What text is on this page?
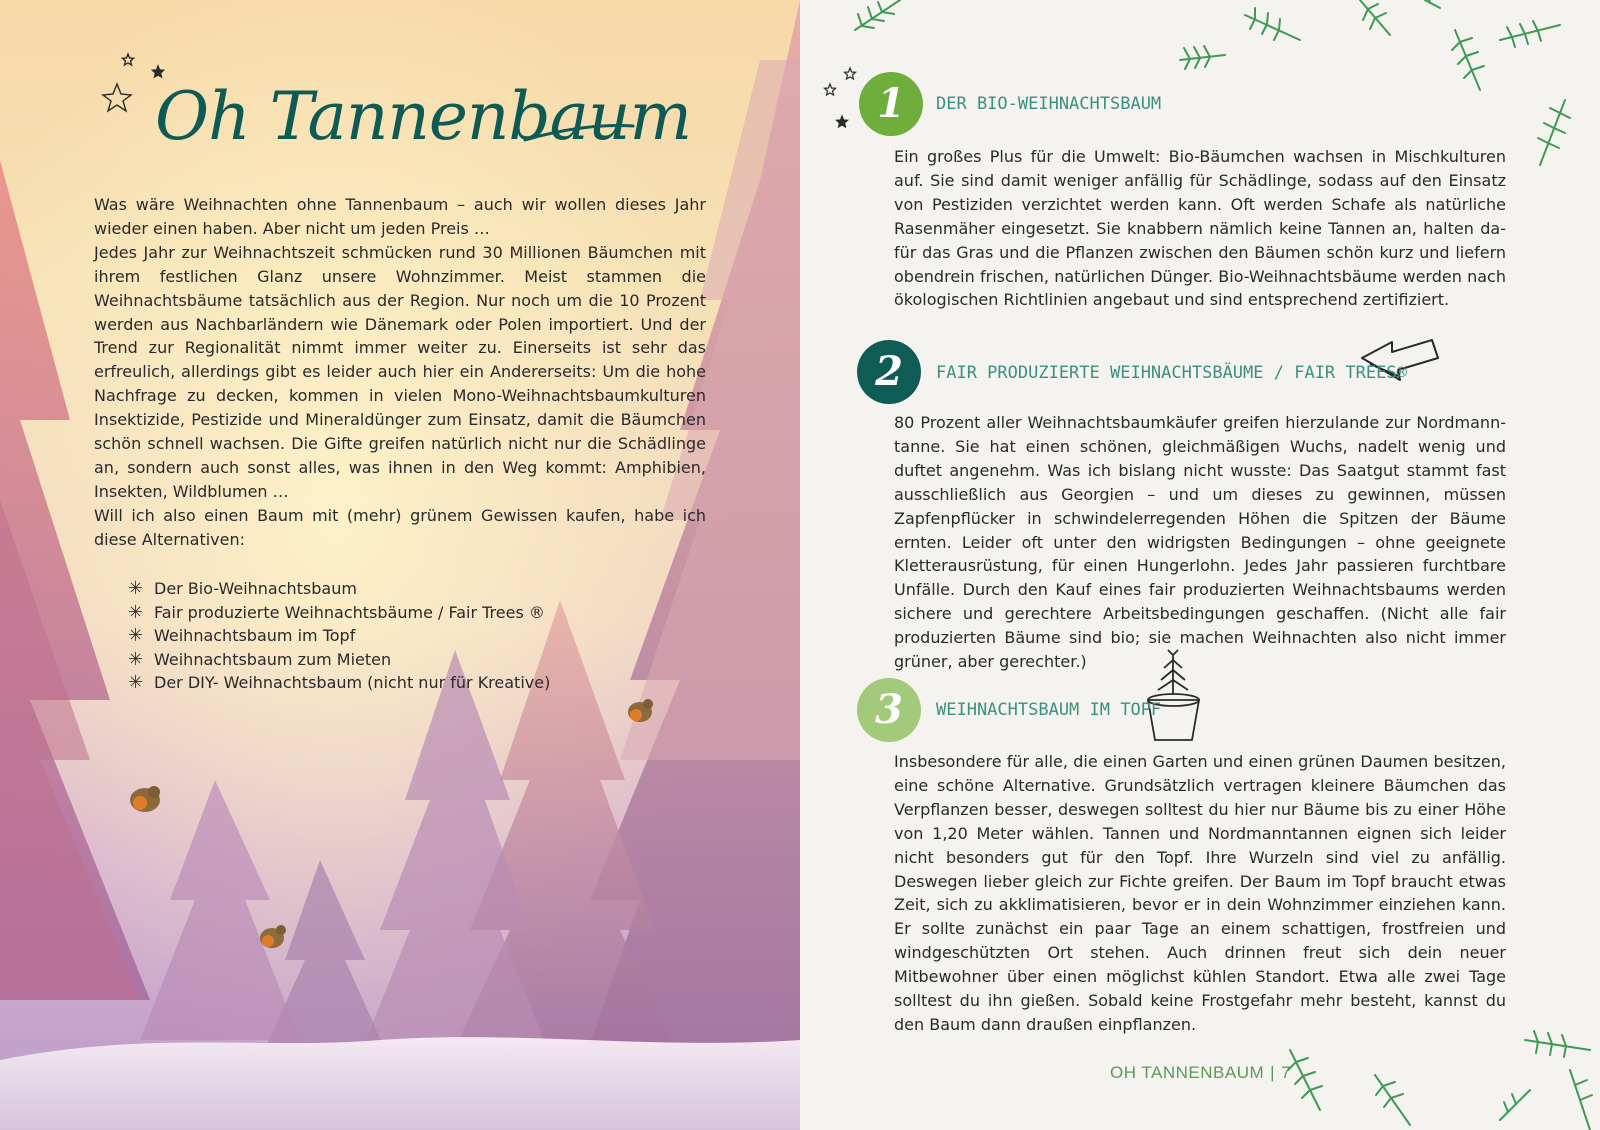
Oh Tannenbaum

Was wäre Weihnachten ohne Tannenbaum – auch wir wollen dieses Jahr wieder einen haben. Aber nicht um jeden Preis …

Jedes Jahr zur Weihnachtszeit schmücken rund 30 Millionen Bäumchen mit ihrem festlichen Glanz unsere Wohnzimmer. Meist stammen die Weihnachtsbäume tatsächlich aus der Region. Nur noch um die 10 Prozent werden aus Nachbarländern wie Dänemark oder Polen importiert. Und der Trend zur Regionalität nimmt immer weiter zu. Einerseits ist sehr das erfreulich, allerdings gibt es leider auch hier ein Andererseits: Um die hohe Nachfrage zu decken, kommen in vielen Mono-Weihnachtsbaumkulturen Insektizide, Pestizide und Mineraldünger zum Einsatz, damit die Bäumchen schön schnell wachsen. Die Gifte greifen natürlich nicht nur die Schädlinge an, sondern auch sonst alles, was ihnen in den Weg kommt: Amphibien, Insekten, Wildblumen …

Will ich also einen Baum mit (mehr) grünem Gewissen kaufen, habe ich diese Alternativen:

✳ Der Bio-Weihnachtsbaum
✳ Fair produzierte Weihnachtsbäume / Fair Trees ®
✳ Weihnachtsbaum im Topf
✳ Weihnachtsbaum zum Mieten
✳ Der DIY- Weihnachtsbaum (nicht nur für Kreative)
1	DER BIO-WEIHNACHTSBAUM

Ein großes Plus für die Umwelt: Bio-Bäumchen wachsen in Mischkulturen auf. Sie sind damit weniger anfällig für Schädlinge, sodass auf den Einsatz von Pestiziden verzichtet werden kann. Oft werden Schafe als natürliche Rasenmäher eingesetzt. Sie knabbern nämlich keine Tannen an, halten dafür das Gras und die Pflanzen zwischen den Bäumen schön kurz und liefern obendrein frischen, natürlichen Dünger. Bio-Weihnachtsbäume werden nach ökologischen Richtlinien angebaut und sind entsprechend zertifiziert.

2	FAIR PRODUZIERTE WEIHNACHTSBÄUME / FAIR TREES®

80 Prozent aller Weihnachtsbaumkäufer greifen hierzulande zur Nordmanntanne. Sie hat einen schönen, gleichmäßigen Wuchs, nadelt wenig und duftet angenehm. Was ich bislang nicht wusste: Das Saatgut stammt fast ausschließlich aus Georgien – und um dieses zu gewinnen, müssen Zapfenpflücker in schwindelerregenden Höhen die Spitzen der Bäume ernten. Leider oft unter den widrigsten Bedingungen – ohne geeignete Kletterausrüstung, für einen Hungerlohn. Jedes Jahr passieren furchtbare Unfälle. Durch den Kauf eines fair produzierten Weihnachtsbaums werden sichere und gerechtere Arbeitsbedingungen geschaffen. (Nicht alle fair produzierten Bäume sind bio; sie machen Weihnachten also nicht immer grüner, aber gerechter.)

3	WEIHNACHTSBAUM IM TOPF

Insbesondere für alle, die einen Garten und einen grünen Daumen besitzen, eine schöne Alternative. Grundsätzlich vertragen kleinere Bäumchen das Verpflanzen besser, deswegen solltest du hier nur Bäume bis zu einer Höhe von 1,20 Meter wählen. Tannen und Nordmanntannen eignen sich leider nicht besonders gut für den Topf. Ihre Wurzeln sind viel zu anfällig. Deswegen lieber gleich zur Fichte greifen. Der Baum im Topf braucht etwas Zeit, sich zu akklimatisieren, bevor er in dein Wohnzimmer einziehen kann. Er sollte zunächst ein paar Tage an einem schattigen, frostfreien und windgeschützten Ort stehen. Auch drinnen freut sich dein neuer Mitbewohner über einen möglichst kühlen Standort. Etwa alle zwei Tage solltest du ihn gießen. Sobald keine Frostgefahr mehr besteht, kannst du den Baum dann draußen einpflanzen.

OH TANNENBAUM | 7
